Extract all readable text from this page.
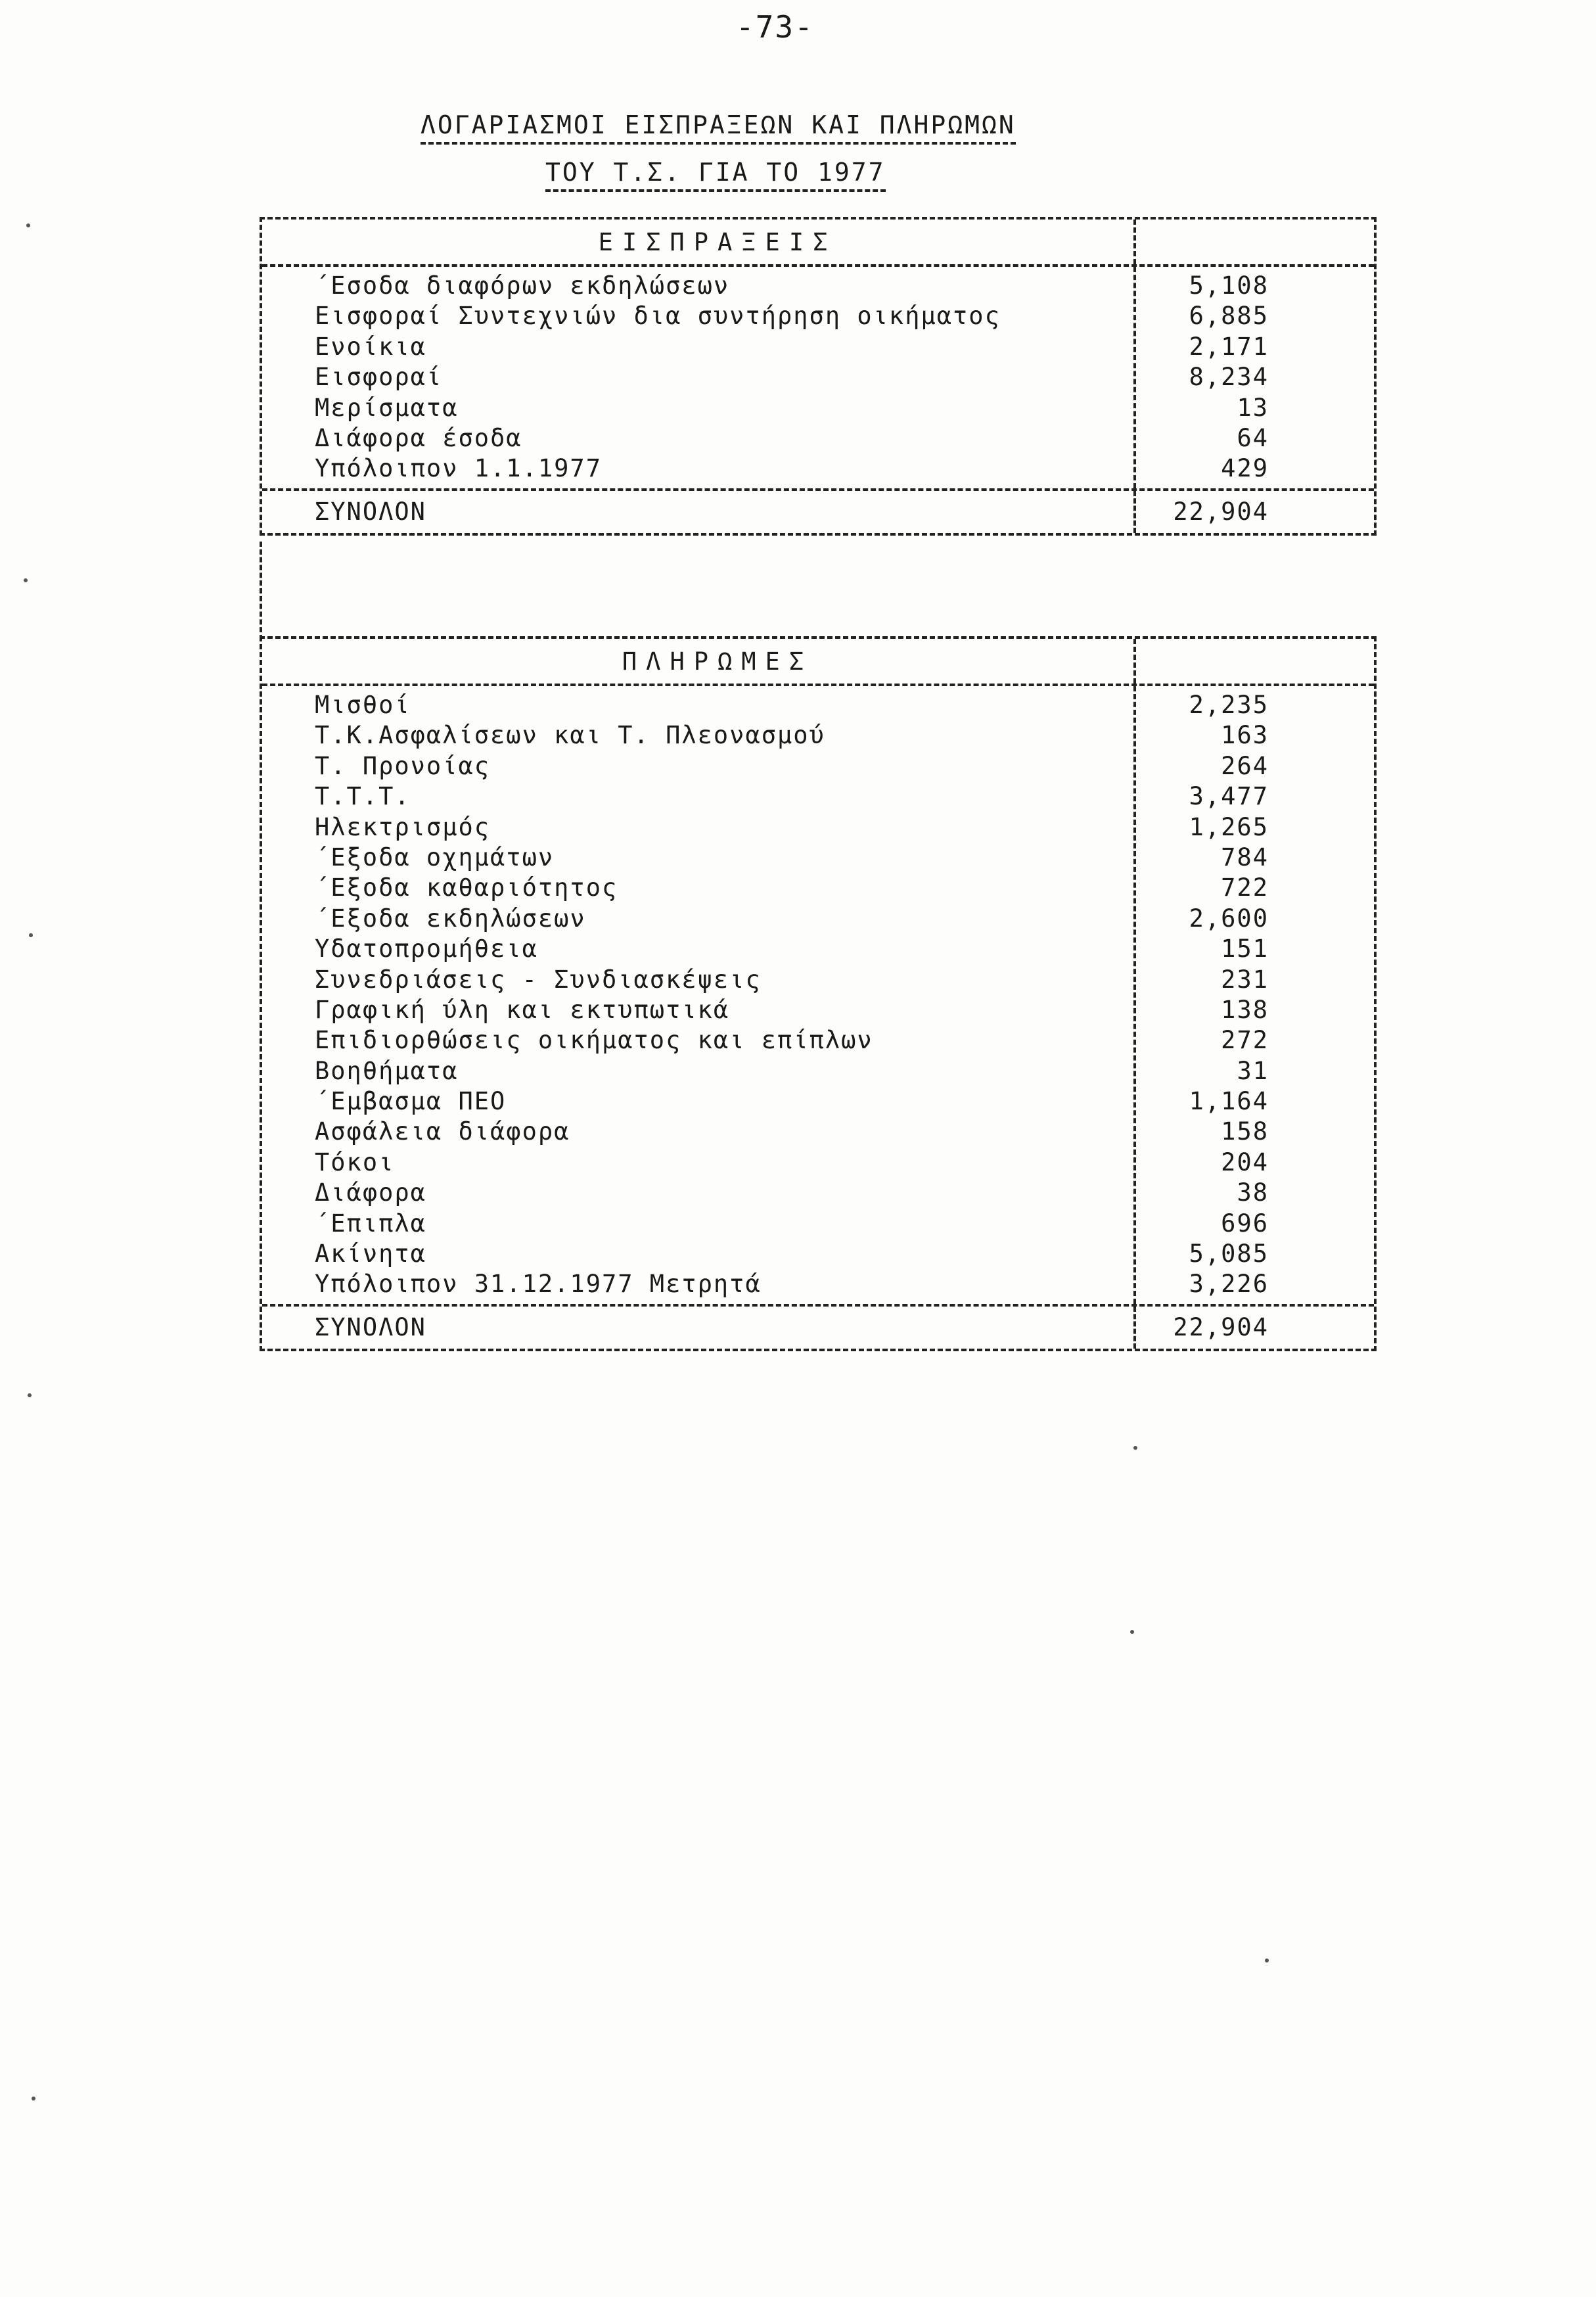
-73-
ΛΟΓΑΡΙΑΣΜΟΙ ΕΙΣΠΡΑΞΕΩΝ ΚΑΙ ΠΛΗΡΩΜΩΝ
ΤΟΥ Τ.Σ. ΓΙΑ ΤΟ 1977
ΕΙΣΠΡΑΞΕΙΣ
΄Εσοδα διαφόρων εκδηλώσεων
Εισφοραί Συντεχνιών δια συντήρηση οικήματος
Ενοίκια
Εισφοραί
Μερίσματα
Διάφορα έσοδα
Υπόλοιπον 1.1.1977
5,108
6,885
2,171
8,234
13
64
429
ΣΥΝΟΛΟΝ	22,904
ΠΛΗΡΩΜΕΣ
Μισθοί
Τ.Κ.Ασφαλίσεων και Τ. Πλεονασμού
Τ. Προνοίας
Τ.Τ.Τ.
Ηλεκτρισμός
΄Εξοδα οχημάτων
΄Εξοδα καθαριότητος
΄Εξοδα εκδηλώσεων
Υδατοπρομήθεια
Συνεδριάσεις - Συνδιασκέψεις
Γραφική ύλη και εκτυπωτικά
Επιδιορθώσεις οικήματος και επίπλων
Βοηθήματα
΄Εμβασμα ΠΕΟ
Ασφάλεια διάφορα
Τόκοι
Διάφορα
΄Επιπλα
Ακίνητα
Υπόλοιπον 31.12.1977 Μετρητά
2,235
163
264
3,477
1,265
784
722
2,600
151
231
138
272
31
1,164
158
204
38
696
5,085
3,226
ΣΥΝΟΛΟΝ	22,904
